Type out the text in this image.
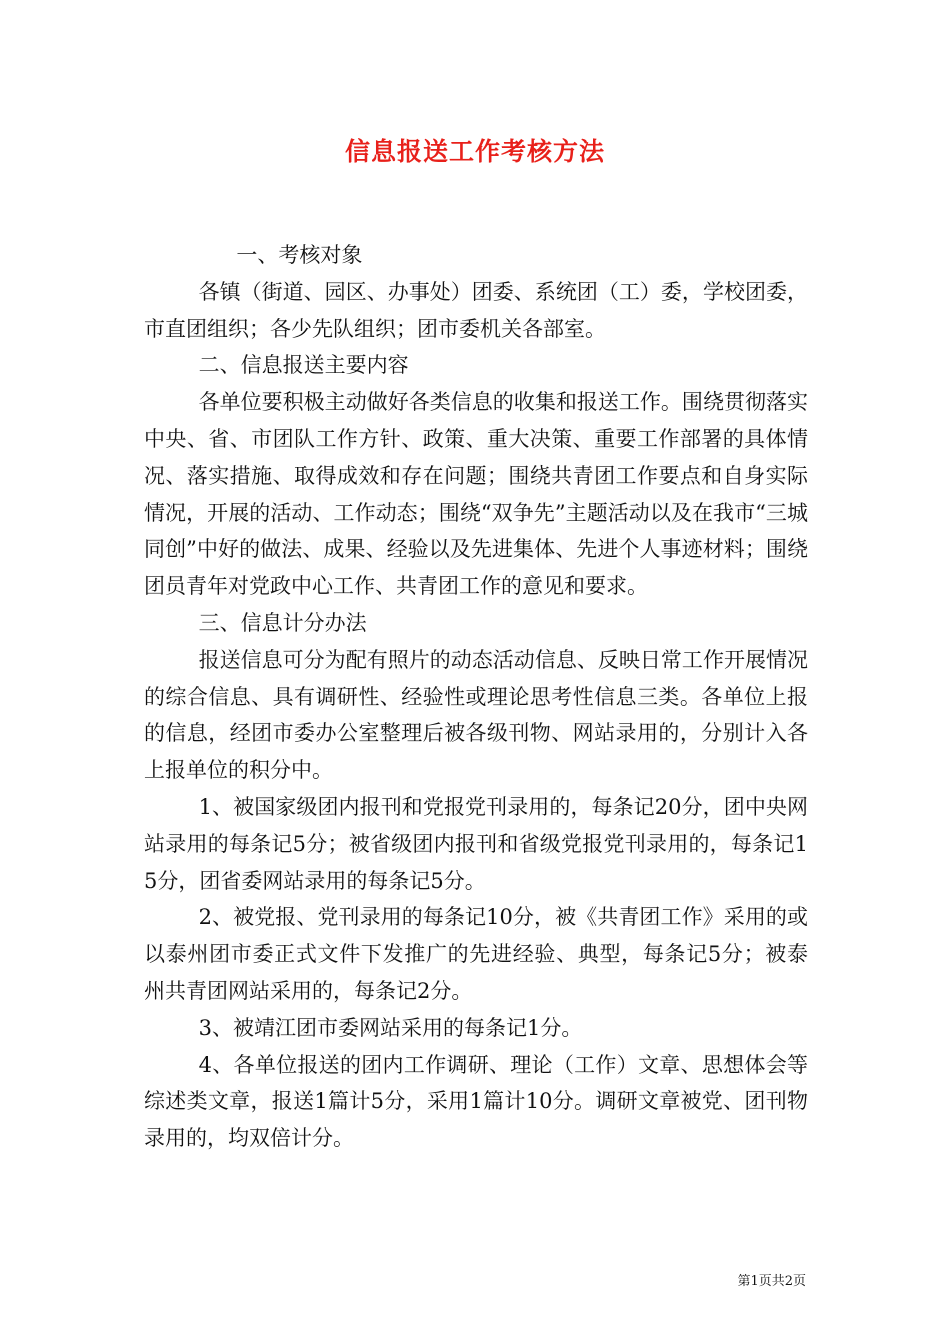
信息报送工作考核方法

一、考核对象

各镇（街道、园区、办事处）团委、系统团（工）委，学校团委，市直团组织；各少先队组织；团市委机关各部室。

二、信息报送主要内容

各单位要积极主动做好各类信息的收集和报送工作。围绕贯彻落实中央、省、市团队工作方针、政策、重大决策、重要工作部署的具体情况、落实措施、取得成效和存在问题；围绕共青团工作要点和自身实际情况，开展的活动、工作动态；围绕“双争先”主题活动以及在我市“三城同创”中好的做法、成果、经验以及先进集体、先进个人事迹材料；围绕团员青年对党政中心工作、共青团工作的意见和要求。

三、信息计分办法

报送信息可分为配有照片的动态活动信息、反映日常工作开展情况的综合信息、具有调研性、经验性或理论思考性信息三类。各单位上报的信息，经团市委办公室整理后被各级刊物、网站录用的，分别计入各上报单位的积分中。

1、被国家级团内报刊和党报党刊录用的，每条记20分，团中央网站录用的每条记5分；被省级团内报刊和省级党报党刊录用的，每条记15分，团省委网站录用的每条记5分。

2、被党报、党刊录用的每条记10分，被《共青团工作》采用的或以泰州团市委正式文件下发推广的先进经验、典型，每条记5分；被泰州共青团网站采用的，每条记2分。

3、被靖江团市委网站采用的每条记1分。

4、各单位报送的团内工作调研、理论（工作）文章、思想体会等综述类文章，报送1篇计5分，采用1篇计10分。调研文章被党、团刊物录用的，均双倍计分。

第1页共2页
